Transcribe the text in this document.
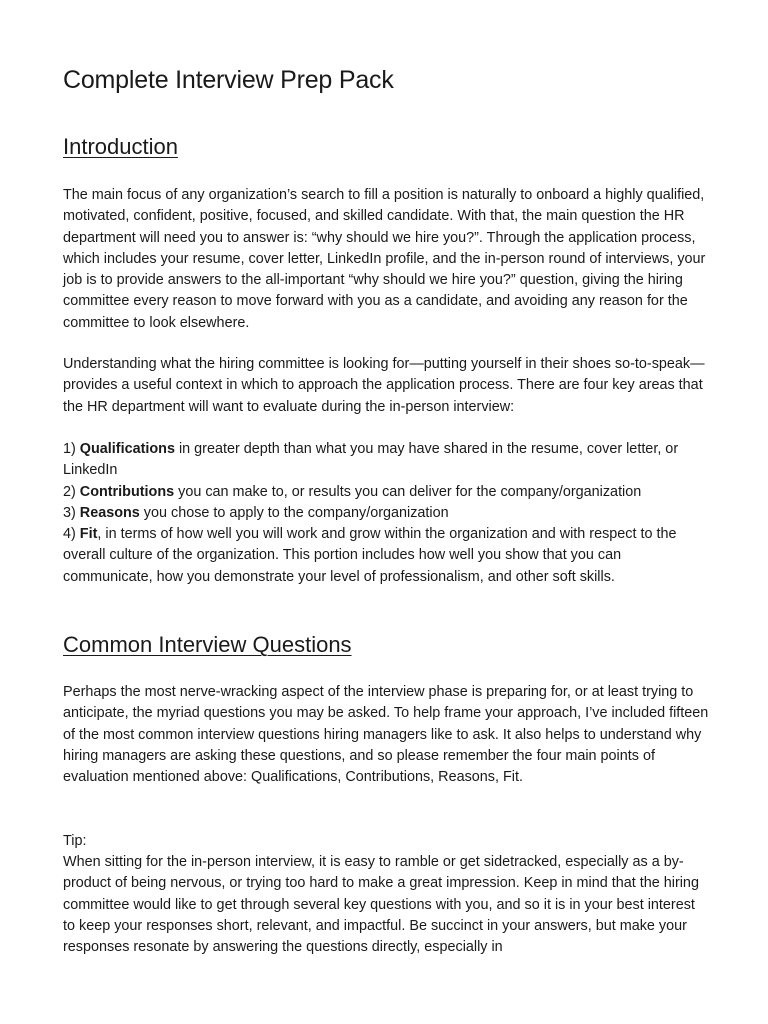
Complete Interview Prep Pack
Introduction

The main focus of any organization’s search to fill a position is naturally to onboard a highly qualified, motivated, confident, positive, focused, and skilled candidate. With that, the main question the HR department will need you to answer is: “why should we hire you?”. Through the application process, which includes your resume, cover letter, LinkedIn profile, and the in-person round of interviews, your job is to provide answers to the all-important “why should we hire you?” question, giving the hiring committee every reason to move forward with you as a candidate, and avoiding any reason for the committee to look elsewhere.

Understanding what the hiring committee is looking for—putting yourself in their shoes so-to-speak—provides a useful context in which to approach the application process. There are four key areas that the HR department will want to evaluate during the in-person interview:

1) Qualifications in greater depth than what you may have shared in the resume, cover letter, or LinkedIn
2) Contributions you can make to, or results you can deliver for the company/organization
3) Reasons you chose to apply to the company/organization
4) Fit, in terms of how well you will work and grow within the organization and with respect to the overall culture of the organization. This portion includes how well you show that you can communicate, how you demonstrate your level of professionalism, and other soft skills.
Common Interview Questions

Perhaps the most nerve-wracking aspect of the interview phase is preparing for, or at least trying to anticipate, the myriad questions you may be asked. To help frame your approach, I’ve included fifteen of the most common interview questions hiring managers like to ask. It also helps to understand why hiring managers are asking these questions, and so please remember the four main points of evaluation mentioned above: Qualifications, Contributions, Reasons, Fit.

Tip:

When sitting for the in-person interview, it is easy to ramble or get sidetracked, especially as a by-product of being nervous, or trying too hard to make a great impression. Keep in mind that the hiring committee would like to get through several key questions with you, and so it is in your best interest to keep your responses short, relevant, and impactful. Be succinct in your answers, but make your responses resonate by answering the questions directly, especially in
